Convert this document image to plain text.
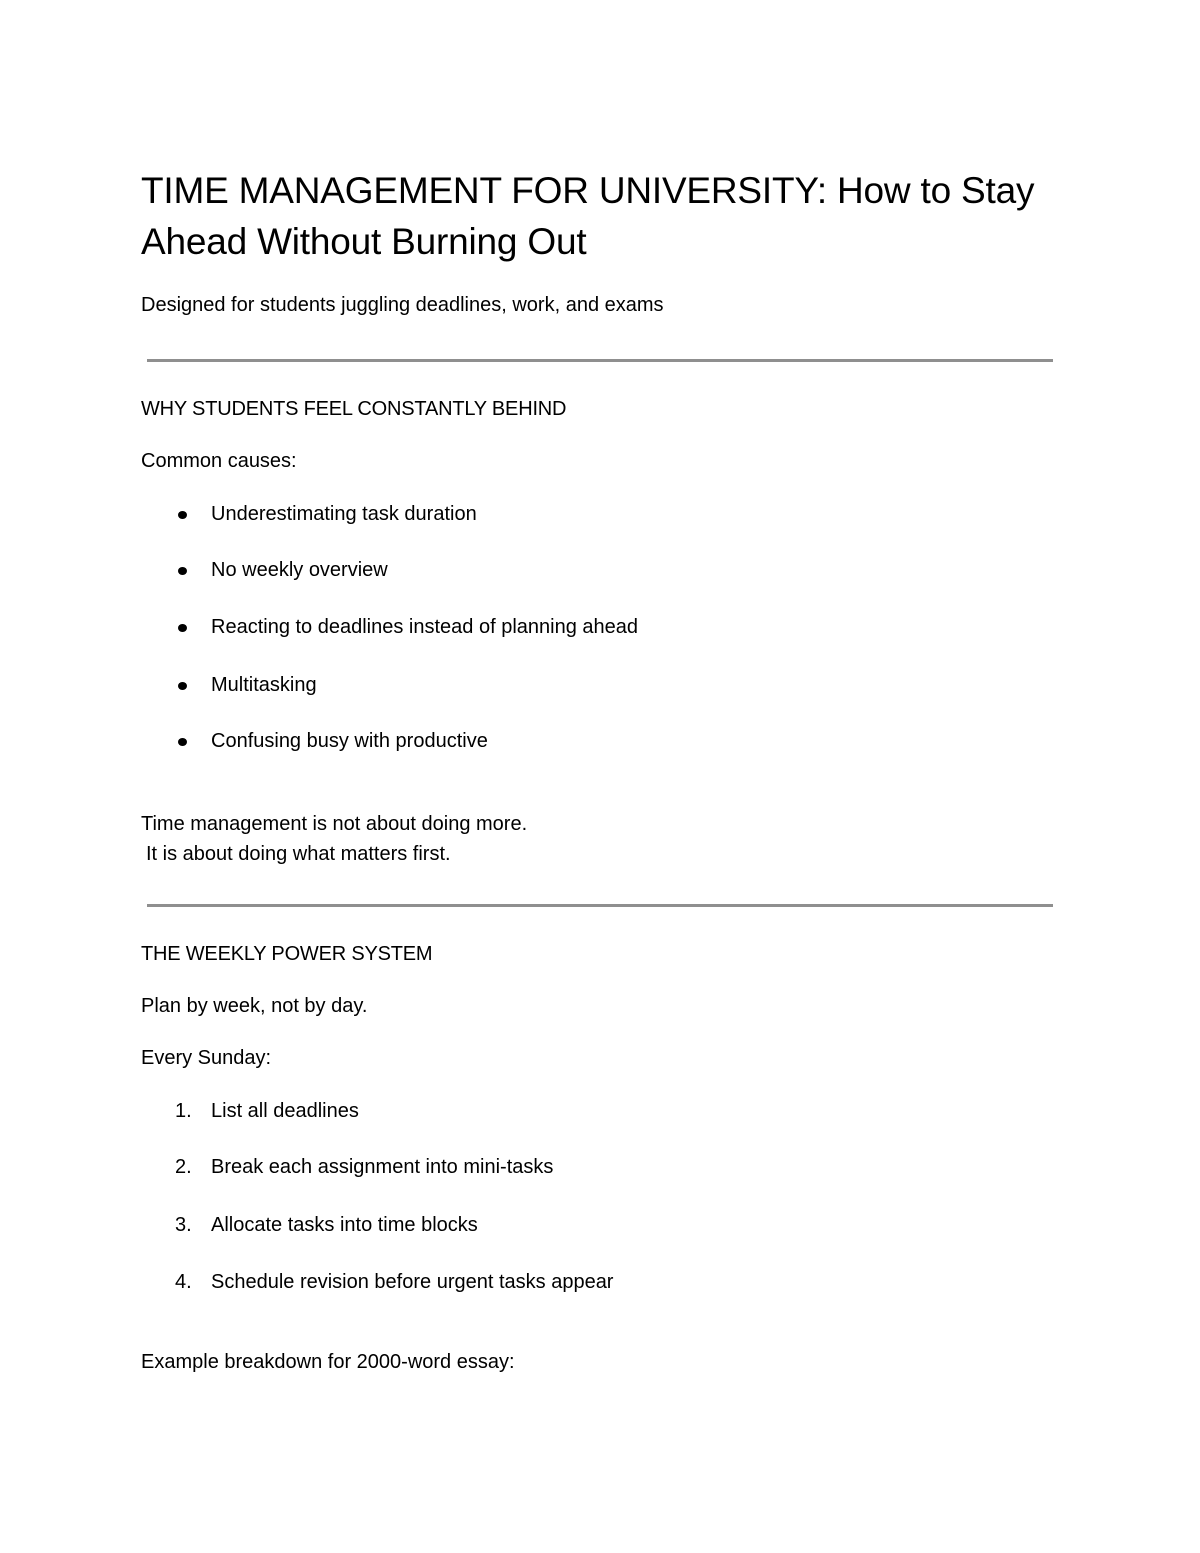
TIME MANAGEMENT FOR UNIVERSITY: How to Stay Ahead Without Burning Out

Designed for students juggling deadlines, work, and exams

WHY STUDENTS FEEL CONSTANTLY BEHIND

Common causes:

Underestimating task duration
No weekly overview
Reacting to deadlines instead of planning ahead
Multitasking
Confusing busy with productive

Time management is not about doing more.
It is about doing what matters first.

THE WEEKLY POWER SYSTEM

Plan by week, not by day.

Every Sunday:

1. List all deadlines
2. Break each assignment into mini-tasks
3. Allocate tasks into time blocks
4. Schedule revision before urgent tasks appear

Example breakdown for 2000-word essay:
